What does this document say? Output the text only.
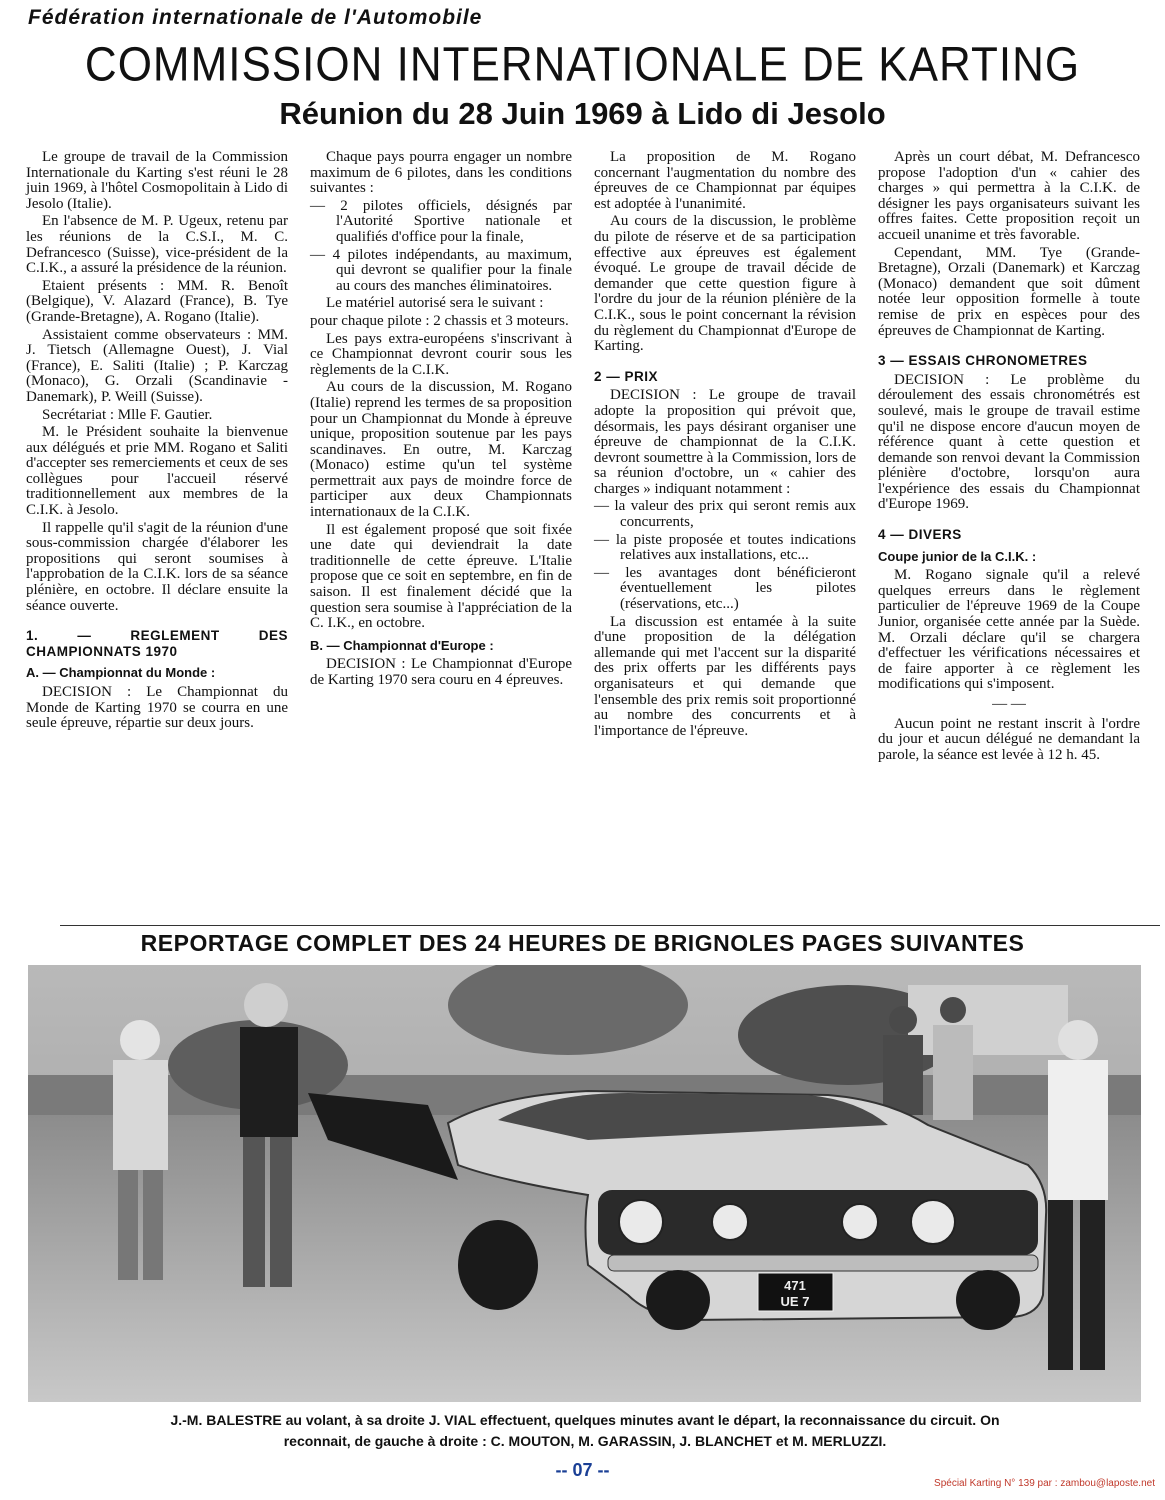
Fédération internationale de l'Automobile
COMMISSION INTERNATIONALE DE KARTING
Réunion du 28 Juin 1969 à Lido di Jesolo

Le groupe de travail de la Commission Internationale du Karting s'est réuni le 28 juin 1969, à l'hôtel Cosmopolitain à Lido di Jesolo (Italie).

En l'absence de M. P. Ugeux, retenu par les réunions de la C.S.I., M. C. Defrancesco (Suisse), vice-président de la C.I.K., a assuré la présidence de la réunion.

Etaient présents : MM. R. Benoît (Belgique), V. Alazard (France), B. Tye (Grande-Bretagne), A. Rogano (Italie).

Assistaient comme observateurs : MM. J. Tietsch (Allemagne Ouest), J. Vial (France), E. Saliti (Italie) ; P. Karczag (Monaco), G. Orzali (Scandinavie - Danemark), P. Weill (Suisse).

Secrétariat : Mlle F. Gautier.

M. le Président souhaite la bienvenue aux délégués et prie MM. Rogano et Saliti d'accepter ses remerciements et ceux de ses collègues pour l'accueil réservé traditionnellement aux membres de la C.I.K. à Jesolo.

Il rappelle qu'il s'agit de la réunion d'une sous-commission chargée d'élaborer les propositions qui seront soumises à l'approbation de la C.I.K. lors de sa séance plénière, en octobre. Il déclare ensuite la séance ouverte.

1. — REGLEMENT DES CHAMPIONNATS 1970
A. — Championnat du Monde :

DECISION : Le Championnat du Monde de Karting 1970 se courra en une seule épreuve, répartie sur deux jours.

Chaque pays pourra engager un nombre maximum de 6 pilotes, dans les conditions suivantes :

— 2 pilotes officiels, désignés par l'Autorité Sportive nationale et qualifiés d'office pour la finale,

— 4 pilotes indépendants, au maximum, qui devront se qualifier pour la finale au cours des manches éliminatoires.

Le matériel autorisé sera le suivant :

pour chaque pilote : 2 chassis et 3 moteurs.

Les pays extra-européens s'inscrivant à ce Championnat devront courir sous les règlements de la C.I.K.

Au cours de la discussion, M. Rogano (Italie) reprend les termes de sa proposition pour un Championnat du Monde à épreuve unique, proposition soutenue par les pays scandinaves. En outre, M. Karczag (Monaco) estime qu'un tel système permettrait aux pays de moindre force de participer aux deux Championnats internationaux de la C.I.K.

Il est également proposé que soit fixée une date qui deviendrait la date traditionnelle de cette épreuve. L'Italie propose que ce soit en septembre, en fin de saison. Il est finalement décidé que la question sera soumise à l'appréciation de la C. I.K., en octobre.

B. — Championnat d'Europe :

DECISION : Le Championnat d'Europe de Karting 1970 sera couru en 4 épreuves.

La proposition de M. Rogano concernant l'augmentation du nombre des épreuves de ce Championnat par équipes est adoptée à l'unanimité.

Au cours de la discussion, le problème du pilote de réserve et de sa participation effective aux épreuves est également évoqué. Le groupe de travail décide de demander que cette question figure à l'ordre du jour de la réunion plénière de la C.I.K., sous le point concernant la révision du règlement du Championnat d'Europe de Karting.

2 — PRIX

DECISION : Le groupe de travail adopte la proposition qui prévoit que, désormais, les pays désirant organiser une épreuve de championnat de la C.I.K. devront soumettre à la Commission, lors de sa réunion d'octobre, un « cahier des charges » indiquant notamment :

— la valeur des prix qui seront remis aux concurrents,

— la piste proposée et toutes indications relatives aux installations, etc...

— les avantages dont bénéficieront éventuellement les pilotes (réservations, etc...)

La discussion est entamée à la suite d'une proposition de la délégation allemande qui met l'accent sur la disparité des prix offerts par les différents pays organisateurs et qui demande que l'ensemble des prix remis soit proportionné au nombre des concurrents et à l'importance de l'épreuve.

Après un court débat, M. Defrancesco propose l'adoption d'un « cahier des charges » qui permettra à la C.I.K. de désigner les pays organisateurs suivant les offres faites. Cette proposition reçoit un accueil unanime et très favorable.

Cependant, MM. Tye (Grande-Bretagne), Orzali (Danemark) et Karczag (Monaco) demandent que soit dûment notée leur opposition formelle à toute remise de prix en espèces pour des épreuves de Championnat de Karting.

3 — ESSAIS CHRONOMETRES

DECISION : Le problème du déroulement des essais chronométrés est soulevé, mais le groupe de travail estime qu'il ne dispose encore d'aucun moyen de référence quant à cette question et demande son renvoi devant la Commission plénière d'octobre, lorsqu'on aura l'expérience des essais du Championnat d'Europe 1969.

4 — DIVERS
Coupe junior de la C.I.K. :

M. Rogano signale qu'il a relevé quelques erreurs dans le règlement particulier de l'épreuve 1969 de la Coupe Junior, organisée cette année par la Suède. M. Orzali déclare qu'il se chargera d'effectuer les vérifications nécessaires et de faire apporter à ce règlement les modifications qui s'imposent.

— —

Aucun point ne restant inscrit à l'ordre du jour et aucun délégué ne demandant la parole, la séance est levée à 12 h. 45.

REPORTAGE COMPLET DES 24 HEURES DE BRIGNOLES PAGES SUIVANTES
471
UE 7
J.-M. BALESTRE au volant, à sa droite J. VIAL effectuent, quelques minutes avant le départ, la reconnaissance du circuit. On
reconnait, de gauche à droite : C. MOUTON, M. GARASSIN, J. BLANCHET et M. MERLUZZI.
-- 07 --
Spécial Karting N° 139 par : zambou@laposte.net
